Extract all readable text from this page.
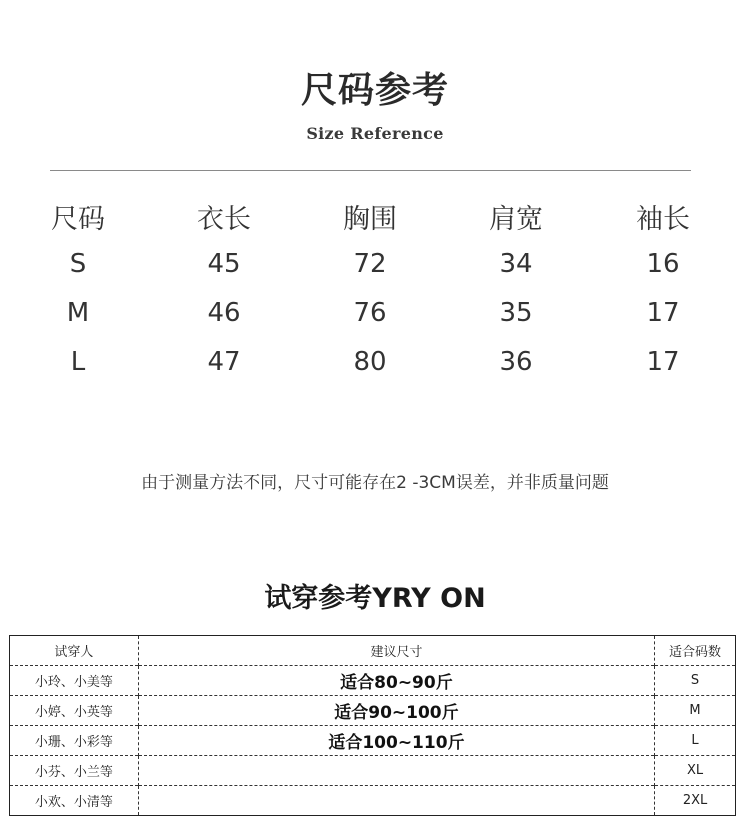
尺码参考
Size Reference
尺码	衣长	胸围	肩宽	袖长
S	45	72	34	16
M	46	76	35	17
L	47	80	36	17
由于测量方法不同，尺寸可能存在2 -3CM误差，并非质量问题
试穿参考YRY ON
试穿人	建议尺寸	适合码数
小玲、小美等	适合80~90斤	S
小婷、小英等	适合90~100斤	M
小珊、小彩等	适合100~110斤	L
小芬、小兰等		XL
小欢、小清等		2XL
